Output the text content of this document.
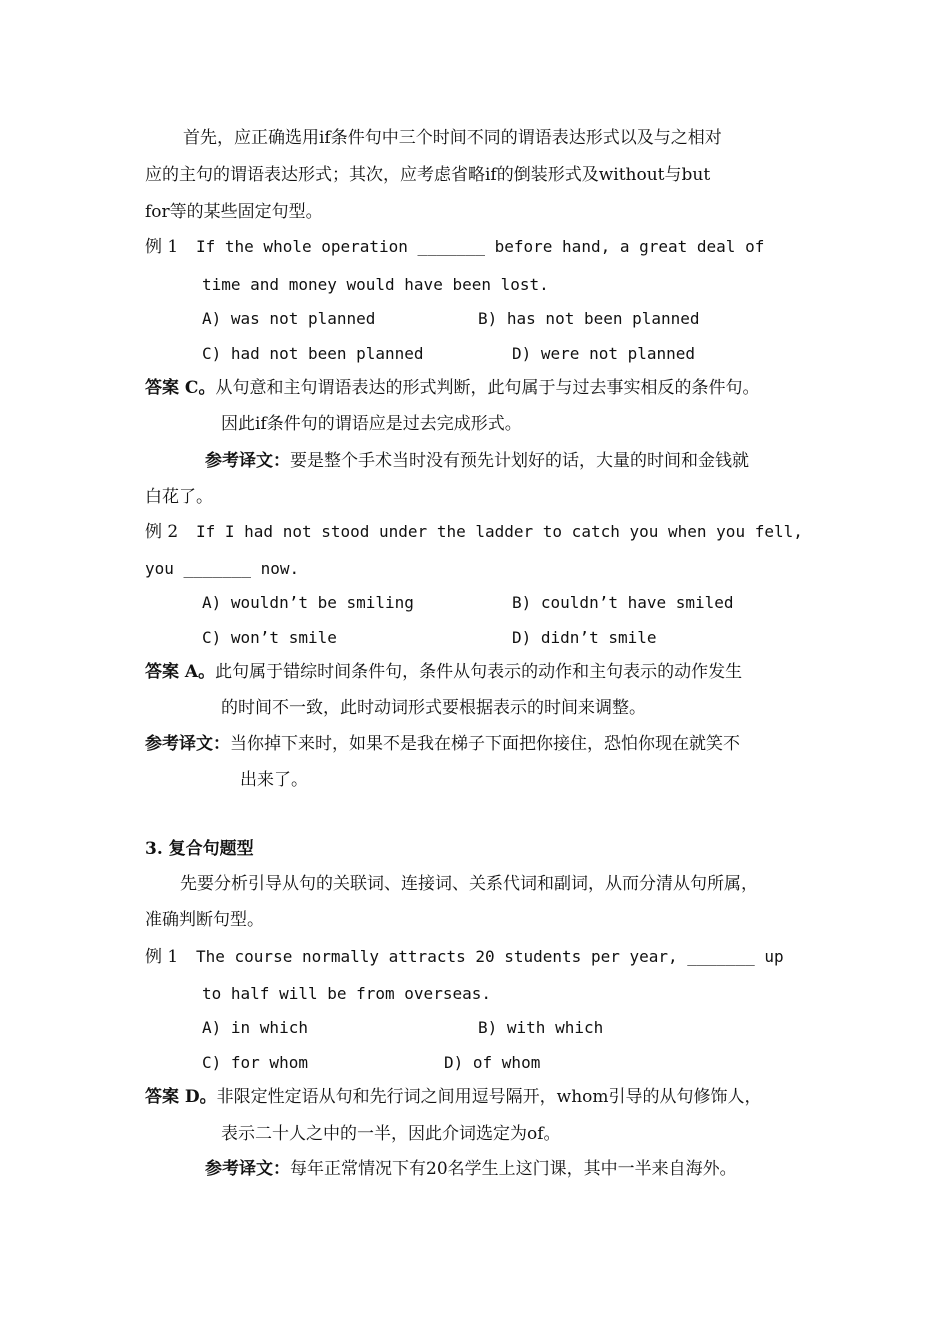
首先，应正确选用if条件句中三个时间不同的谓语表达形式以及与之相对
应的主句的谓语表达形式；其次，应考虑省略if的倒装形式及without与but
for等的某些固定句型。
例 1 If the whole operation _______ before hand, a great deal of
time and money would have been lost.
A) was not planned	B) has not been planned
C) had not been planned	D) were not planned
答案 C。从句意和主句谓语表达的形式判断，此句属于与过去事实相反的条件句。
因此if条件句的谓语应是过去完成形式。
参考译文：要是整个手术当时没有预先计划好的话，大量的时间和金钱就
白花了。
例 2 If I had not stood under the ladder to catch you when you fell,
you _______ now.
A) wouldn’t be smiling	B) couldn’t have smiled
C) won’t smile	D) didn’t smile
答案 A。此句属于错综时间条件句，条件从句表示的动作和主句表示的动作发生
的时间不一致，此时动词形式要根据表示的时间来调整。
参考译文：当你掉下来时，如果不是我在梯子下面把你接住，恐怕你现在就笑不
出来了。
3. 复合句题型
先要分析引导从句的关联词、连接词、关系代词和副词，从而分清从句所属，
准确判断句型。
例 1 The course normally attracts 20 students per year, _______ up
to half will be from overseas.
A) in which	B) with which
C) for whom	D) of whom
答案 D。非限定性定语从句和先行词之间用逗号隔开，whom引导的从句修饰人，
表示二十人之中的一半，因此介词选定为of。
参考译文：每年正常情况下有20名学生上这门课，其中一半来自海外。
